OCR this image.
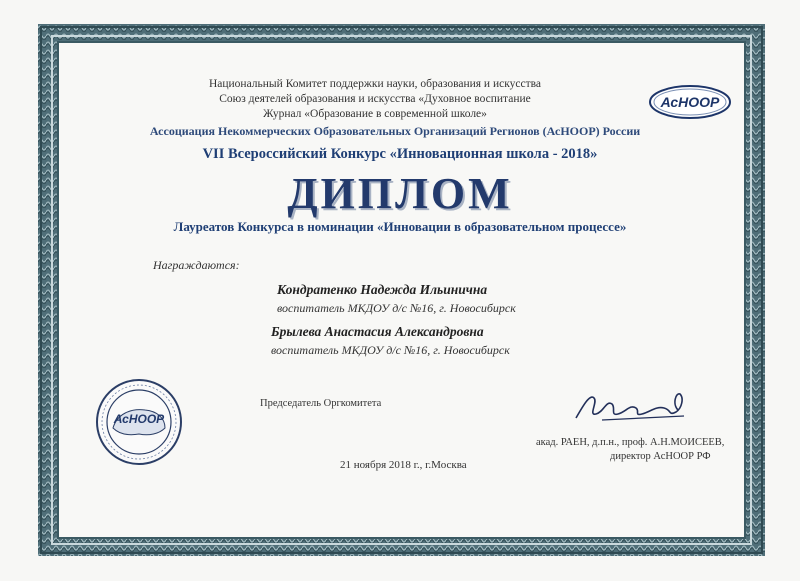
АсНООР
Национальный Комитет поддержки науки, образования и искусства
Союз деятелей образования и искусства «Духовное воспитание
Журнал «Образование в современной школе»
Ассоциация Некоммерческих Образовательных Организаций Регионов (АсНООР) России
VII Всероссийский Конкурс «Инновационная школа - 2018»
ДИПЛОМ
Лауреатов Конкурса в номинации «Инновации в образовательном процессе»
Награждаются:
Кондратенко Надежда Ильинична
воспитатель МКДОУ д/с №16, г. Новосибирск
Брылева Анастасия Александровна
воспитатель МКДОУ д/с №16, г. Новосибирск
Председатель Оргкомитета
акад. РАЕН, д.п.н., проф. А.Н.МОИСЕЕВ,
директор АсНООР РФ
21 ноября 2018 г., г.Москва
АсНООР
